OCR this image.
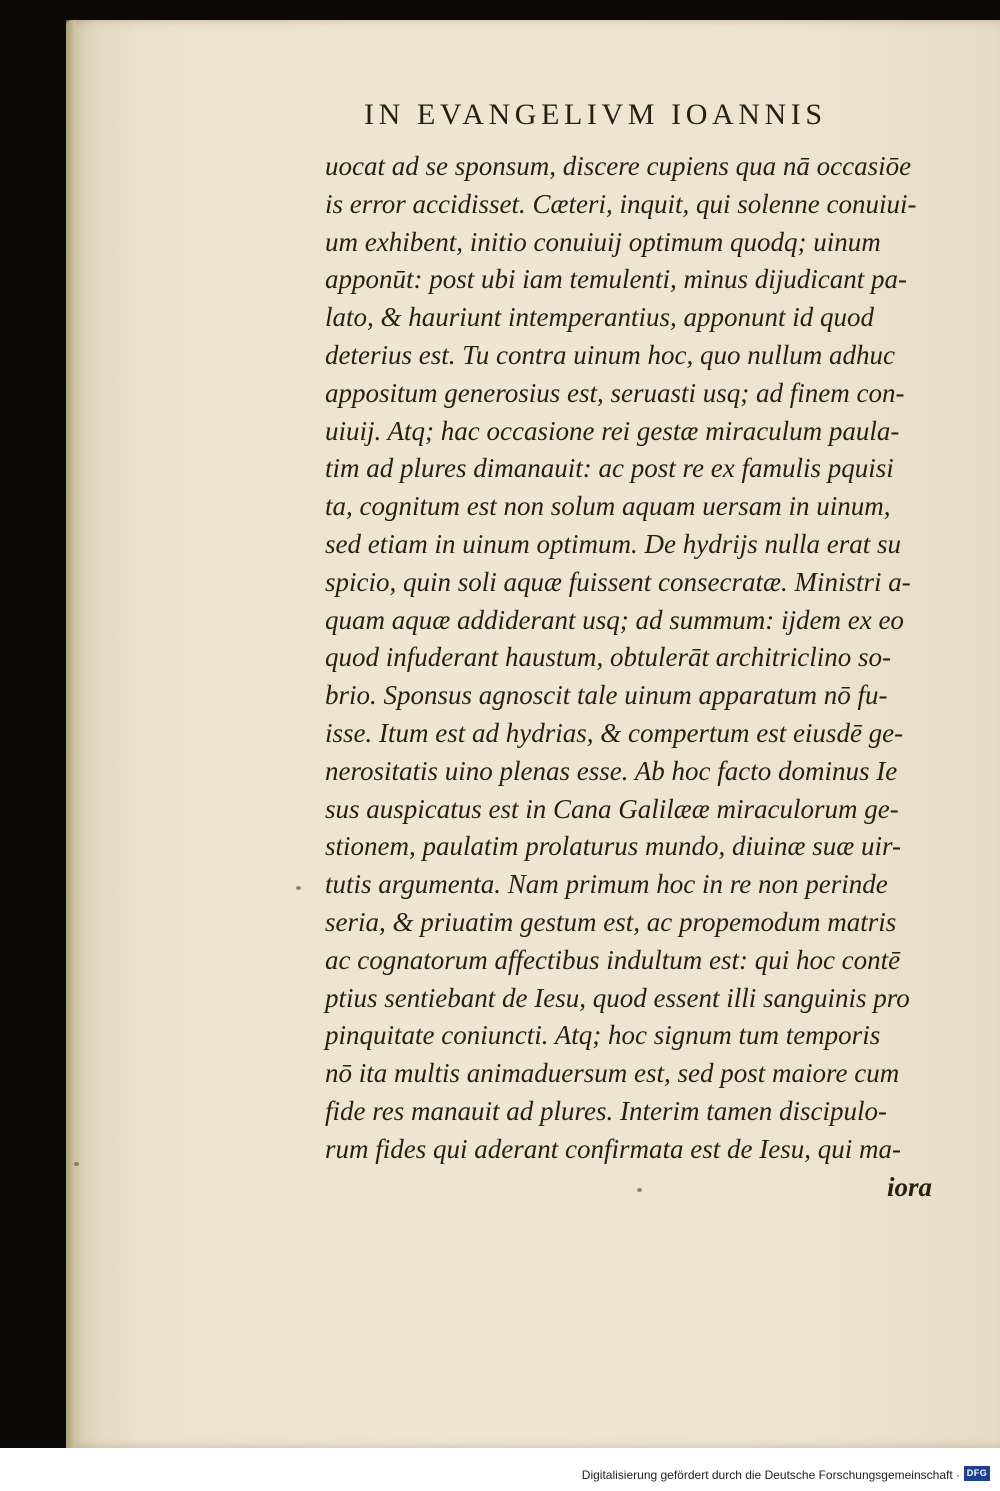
IN EVANGELIVM IOANNIS
uocat ad se sponsum, discere cupiens qua nā occasiōe
is error accidisset. Cæteri, inquit, qui solenne conuiui-
um exhibent, initio conuiuij optimum quodq; uinum
apponūt: post ubi iam temulenti, minus dijudicant pa-
lato, & hauriunt intemperantius, apponunt id quod
deterius est. Tu contra uinum hoc, quo nullum adhuc
appositum generosius est, seruasti usq; ad finem con-
uiuij. Atq; hac occasione rei gestæ miraculum paula-
tim ad plures dimanauit: ac post re ex famulis pquisi
ta, cognitum est non solum aquam uersam in uinum,
sed etiam in uinum optimum. De hydrijs nulla erat su
spicio, quin soli aquæ fuissent consecratæ. Ministri a-
quam aquæ addiderant usq; ad summum: ijdem ex eo
quod infuderant haustum, obtulerāt architriclino so-
brio. Sponsus agnoscit tale uinum apparatum nō fu-
isse. Itum est ad hydrias, & compertum est eiusdē ge-
nerositatis uino plenas esse. Ab hoc facto dominus Ie
sus auspicatus est in Cana Galilææ miraculorum ge-
stionem, paulatim prolaturus mundo, diuinæ suæ uir-
tutis argumenta. Nam primum hoc in re non perinde
seria, & priuatim gestum est, ac propemodum matris
ac cognatorum affectibus indultum est: qui hoc contē
ptius sentiebant de Iesu, quod essent illi sanguinis pro
pinquitate coniuncti. Atq; hoc signum tum temporis
nō ita multis animaduersum est, sed post maiore cum
fide res manauit ad plures. Interim tamen discipulo-
rum fides qui aderant confirmata est de Iesu, qui ma-
iora
Digitalisierung gefördert durch die Deutsche Forschungsgemeinschaft · DFG
